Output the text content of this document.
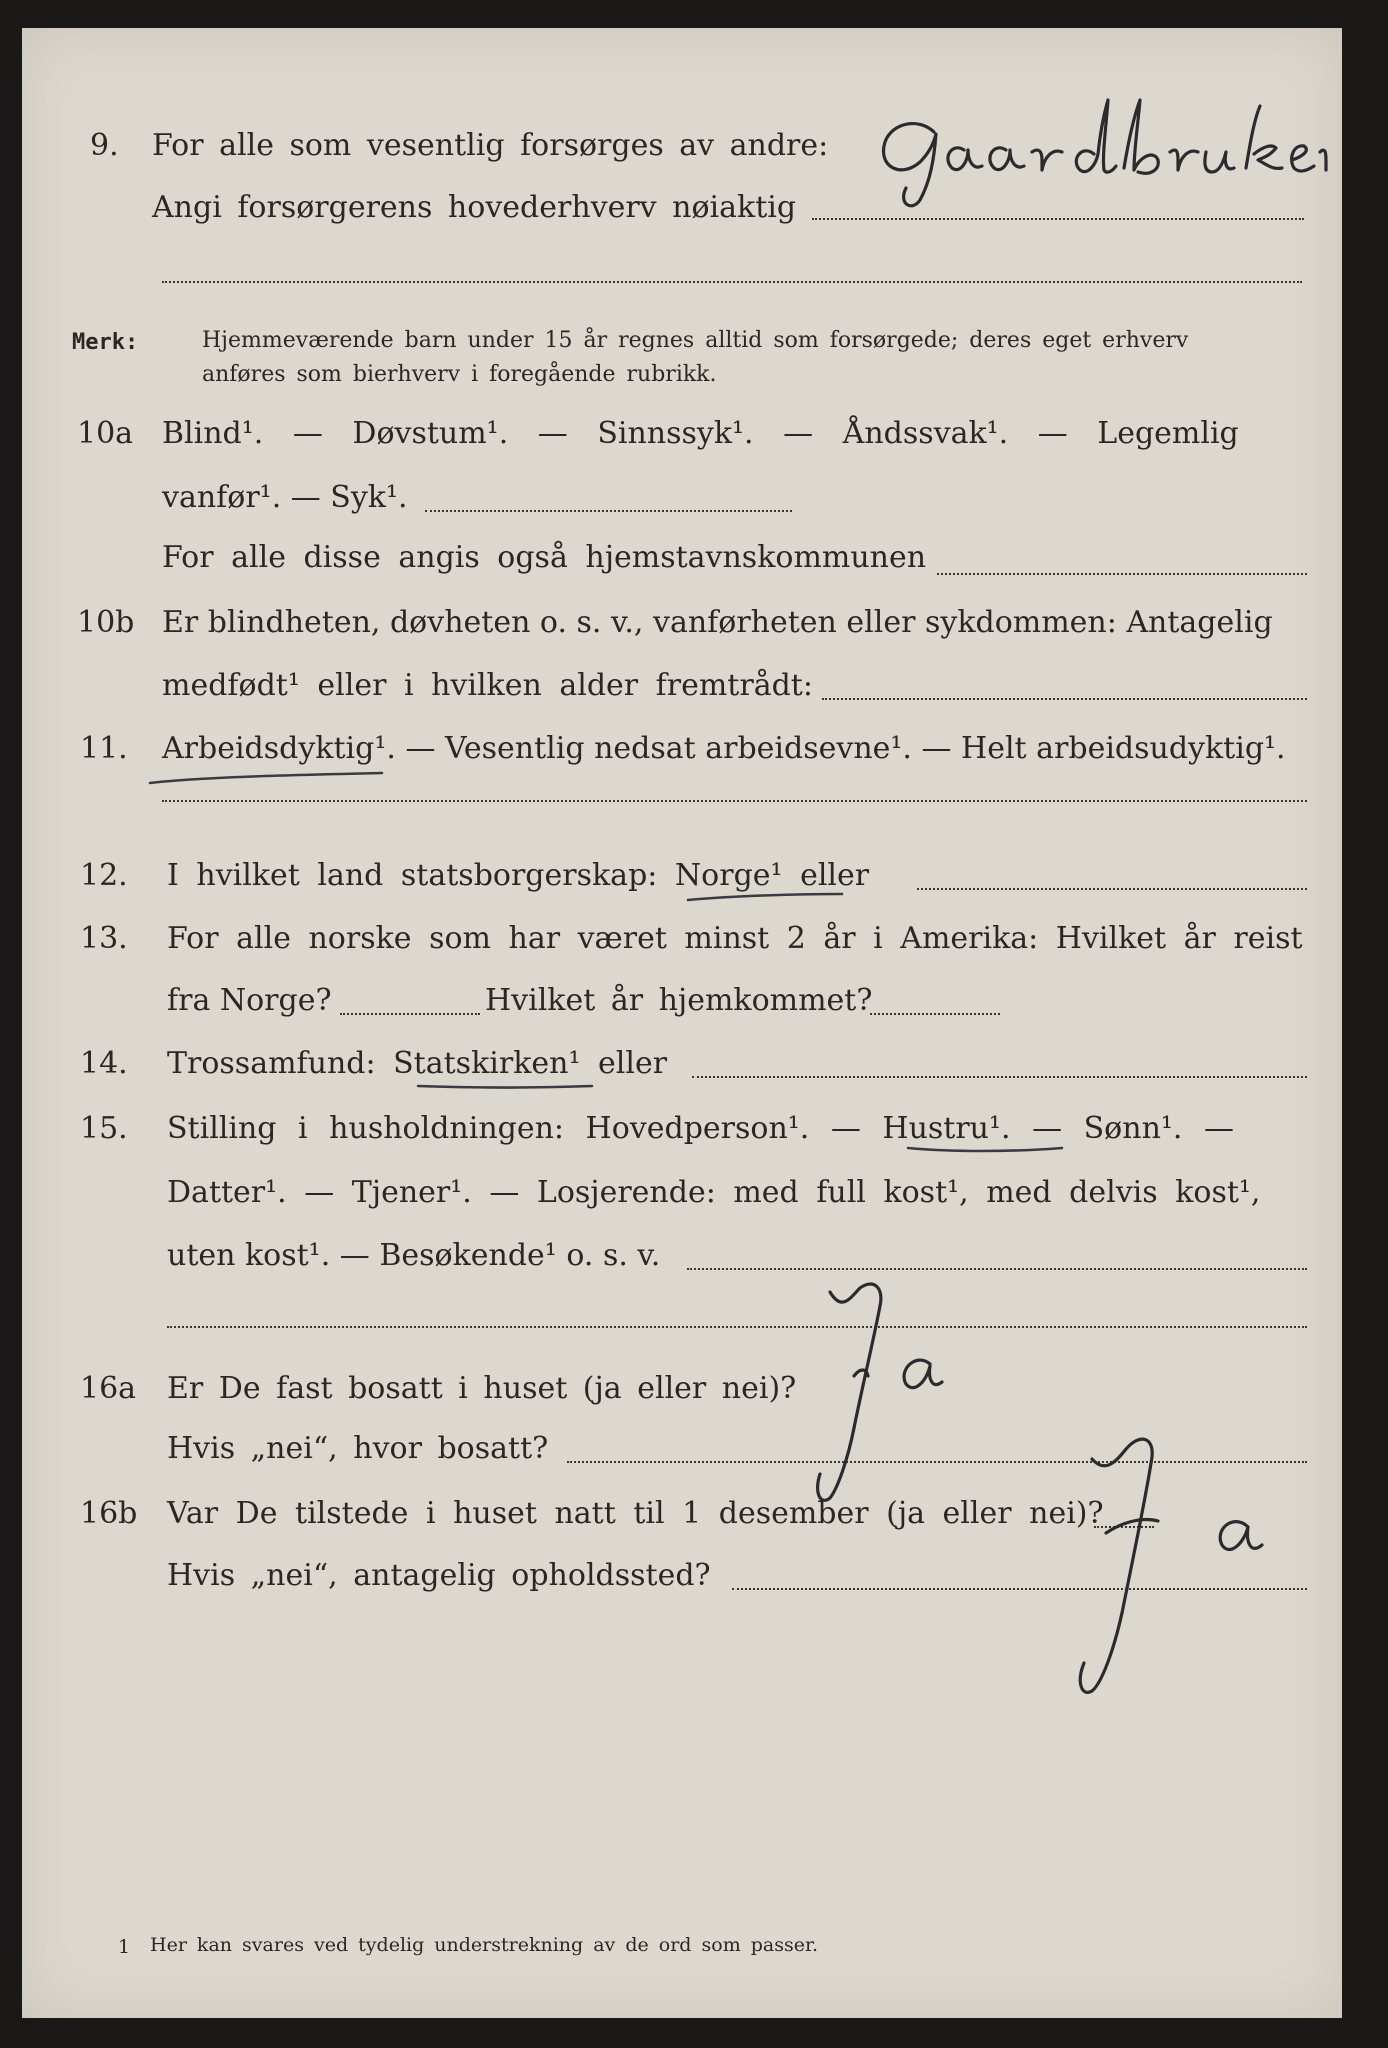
9. For alle som vesentlig forsørges av andre:
Angi forsørgerens hovederhverv nøiaktig
Merk:	Hjemmeværende barn under 15 år regnes alltid som forsørgede; deres eget erhverv
anføres som bierhverv i foregående rubrikk.
10a Blind¹. — Døvstum¹. — Sinnssyk¹. — Åndssvak¹. — Legemlig
vanfør¹. — Syk¹.
For alle disse angis også hjemstavnskommunen
10b Er blindheten, døvheten o. s. v., vanførheten eller sykdommen: Antagelig
medfødt¹ eller i hvilken alder fremtrådt:
11. Arbeidsdyktig¹. — Vesentlig nedsat arbeidsevne¹. — Helt arbeidsudyktig¹.
12. I hvilket land statsborgerskap: Norge¹ eller
13. For alle norske som har været minst 2 år i Amerika: Hvilket år reist
fra Norge?	Hvilket år hjemkommet?
14. Trossamfund: Statskirken¹ eller
15. Stilling i husholdningen: Hovedperson¹. — Hustru¹. — Sønn¹. —
Datter¹. — Tjener¹. — Losjerende: med full kost¹, med delvis kost¹,
uten kost¹. — Besøkende¹ o. s. v.
16a Er De fast bosatt i huset (ja eller nei)?
Hvis „nei“, hvor bosatt?
16b Var De tilstede i huset natt til 1 desember (ja eller nei)?
Hvis „nei“, antagelig opholdssted?
1 Her kan svares ved tydelig understrekning av de ord som passer.
